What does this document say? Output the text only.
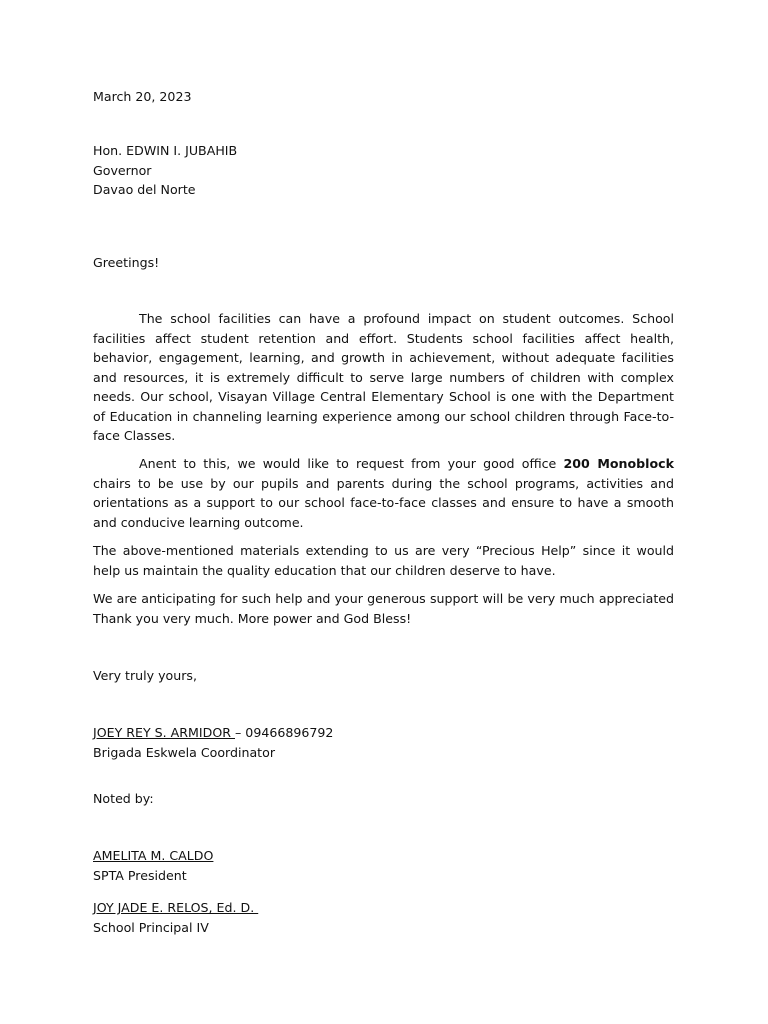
March 20, 2023

Hon. EDWIN I. JUBAHIB

Governor

Davao del Norte

Greetings!

The school facilities can have a profound impact on student outcomes. School facilities affect student retention and effort. Students school facilities affect health, behavior, engagement, learning, and growth in achievement, without adequate facilities and resources, it is extremely difficult to serve large numbers of children with complex needs. Our school, Visayan Village Central Elementary School is one with the Department of Education in channeling learning experience among our school children through Face-to-face Classes.

Anent to this, we would like to request from your good office 200 Monoblock chairs to be use by our pupils and parents during the school programs, activities and orientations as a support to our school face-to-face classes and ensure to have a smooth and conducive learning outcome.

The above-mentioned materials extending to us are very “Precious Help” since it would help us maintain the quality education that our children deserve to have.

We are anticipating for such help and your generous support will be very much appreciated Thank you very much. More power and God Bless!

Very truly yours,

JOEY REY S. ARMIDOR – 09466896792

Brigada Eskwela Coordinator

Noted by:

AMELITA M. CALDO

SPTA President

JOY JADE E. RELOS, Ed. D.

School Principal IV
